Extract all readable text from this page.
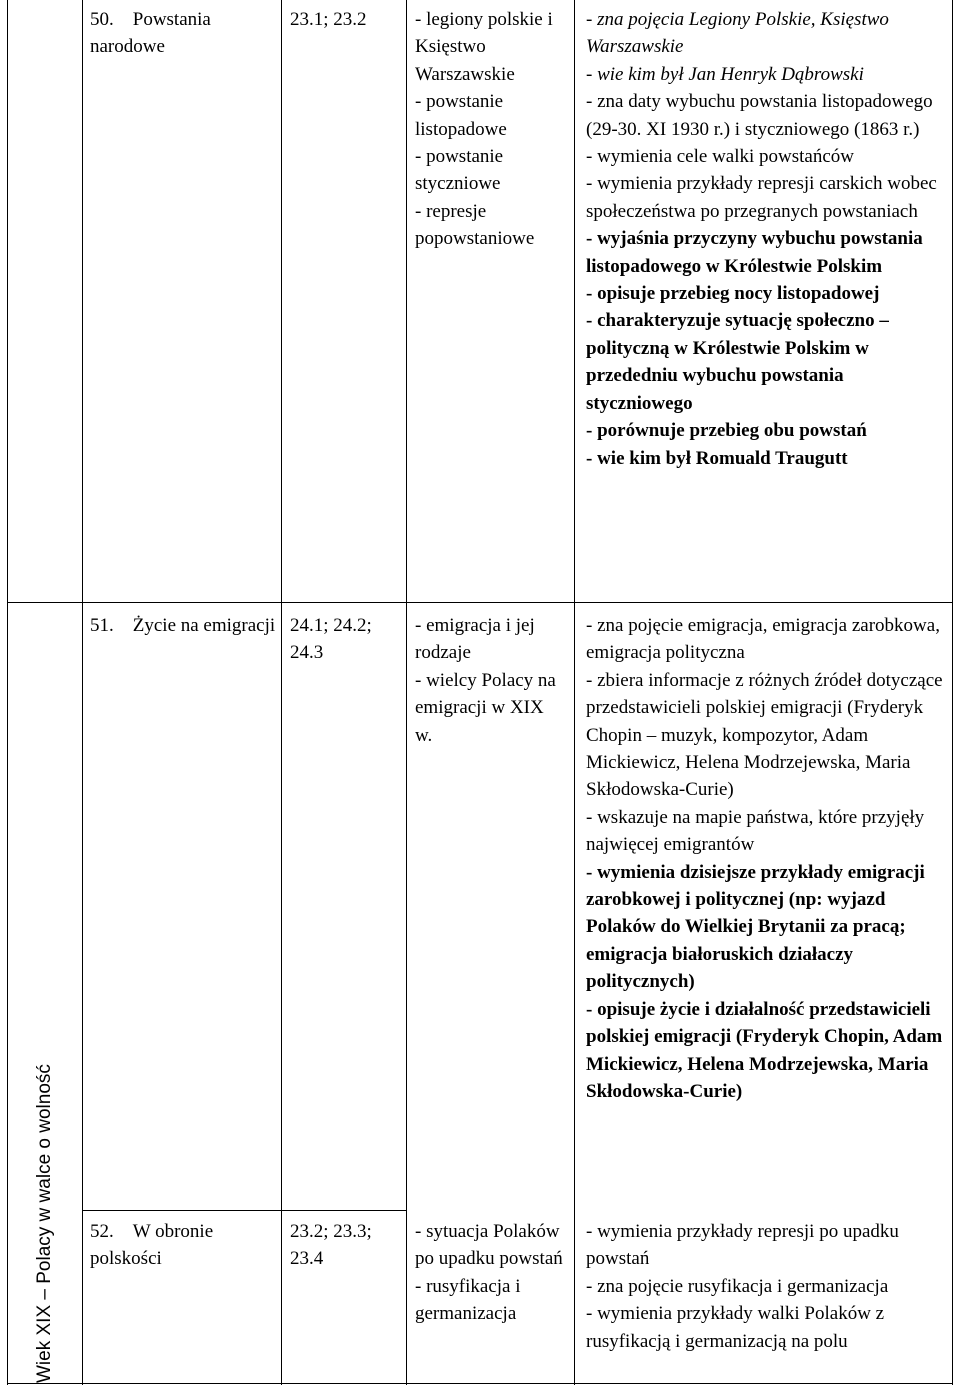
Wiek XIX – Polacy w walce o wolność
50. Powstania narodowe
23.1; 23.2	- legiony polskie i Księstwo Warszawskie
- powstanie listopadowe
- powstanie styczniowe
- represje popowstaniowe
- zna pojęcia Legiony Polskie, Księstwo Warszawskie
- wie kim był Jan Henryk Dąbrowski
- zna daty wybuchu powstania listopadowego (29-30. XI 1930 r.) i styczniowego (1863 r.)
- wymienia cele walki powstańców
- wymienia przykłady represji carskich wobec społeczeństwa po przegranych powstaniach
- wyjaśnia przyczyny wybuchu powstania listopadowego w Królestwie Polskim
- opisuje przebieg nocy listopadowej
- charakteryzuje sytuację społeczno – polityczną w Królestwie Polskim w przededniu wybuchu powstania styczniowego
- porównuje przebieg obu powstań
- wie kim był Romuald Traugutt
51. Życie na emigracji 24.1; 24.2; 24.3
- emigracja i jej rodzaje
- wielcy Polacy na emigracji w XIX w.
- zna pojęcie emigracja, emigracja zarobkowa, emigracja polityczna
- zbiera informacje z różnych źródeł dotyczące przedstawicieli polskiej emigracji (Fryderyk Chopin – muzyk, kompozytor, Adam Mickiewicz, Helena Modrzejewska, Maria Skłodowska-Curie)
- wskazuje na mapie państwa, które przyjęły najwięcej emigrantów
- wymienia dzisiejsze przykłady emigracji zarobkowej i politycznej (np: wyjazd Polaków do Wielkiej Brytanii za pracą; emigracja białoruskich działaczy politycznych)
- opisuje życie i działalność przedstawicieli polskiej emigracji (Fryderyk Chopin, Adam Mickiewicz, Helena Modrzejewska, Maria Skłodowska-Curie)
52. W obronie polskości
23.2; 23.3; 23.4
- sytuacja Polaków po upadku powstań
- rusyfikacja i germanizacja
- wymienia przykłady represji po upadku powstań
- zna pojęcie rusyfikacja i germanizacja
- wymienia przykłady walki Polaków z rusyfikacją i germanizacją na polu
